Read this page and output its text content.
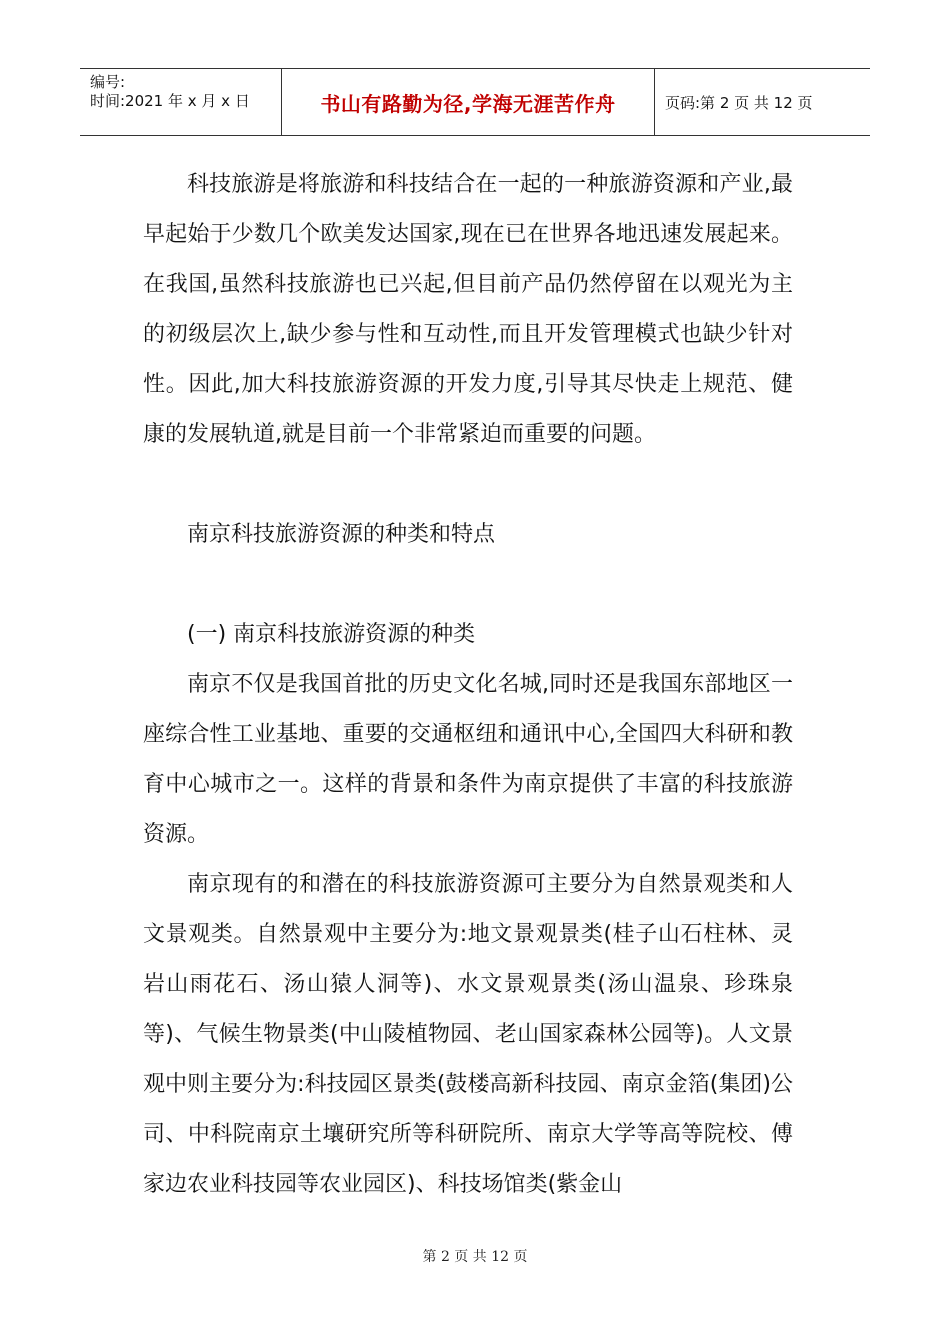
编号:
时间:2021 年 x 月 x 日	书山有路勤为径,学海无涯苦作舟	页码:第 2 页 共 12 页

科技旅游是将旅游和科技结合在一起的一种旅游资源和产业,最早起始于少数几个欧美发达国家,现在已在世界各地迅速发展起来。在我国,虽然科技旅游也已兴起,但目前产品仍然停留在以观光为主的初级层次上,缺少参与性和互动性,而且开发管理模式也缺少针对性。因此,加大科技旅游资源的开发力度,引导其尽快走上规范、健康的发展轨道,就是目前一个非常紧迫而重要的问题。

南京科技旅游资源的种类和特点

(一) 南京科技旅游资源的种类

南京不仅是我国首批的历史文化名城,同时还是我国东部地区一座综合性工业基地、重要的交通枢纽和通讯中心,全国四大科研和教育中心城市之一。这样的背景和条件为南京提供了丰富的科技旅游资源。

南京现有的和潜在的科技旅游资源可主要分为自然景观类和人文景观类。自然景观中主要分为:地文景观景类(桂子山石柱林、灵岩山雨花石、汤山猿人洞等)、水文景观景类(汤山温泉、珍珠泉等)、气候生物景类(中山陵植物园、老山国家森林公园等)。人文景观中则主要分为:科技园区景类(鼓楼高新科技园、南京金箔(集团)公司、中科院南京土壤研究所等科研院所、南京大学等高等院校、傅家边农业科技园等农业园区)、科技场馆类(紫金山

第 2 页 共 12 页
